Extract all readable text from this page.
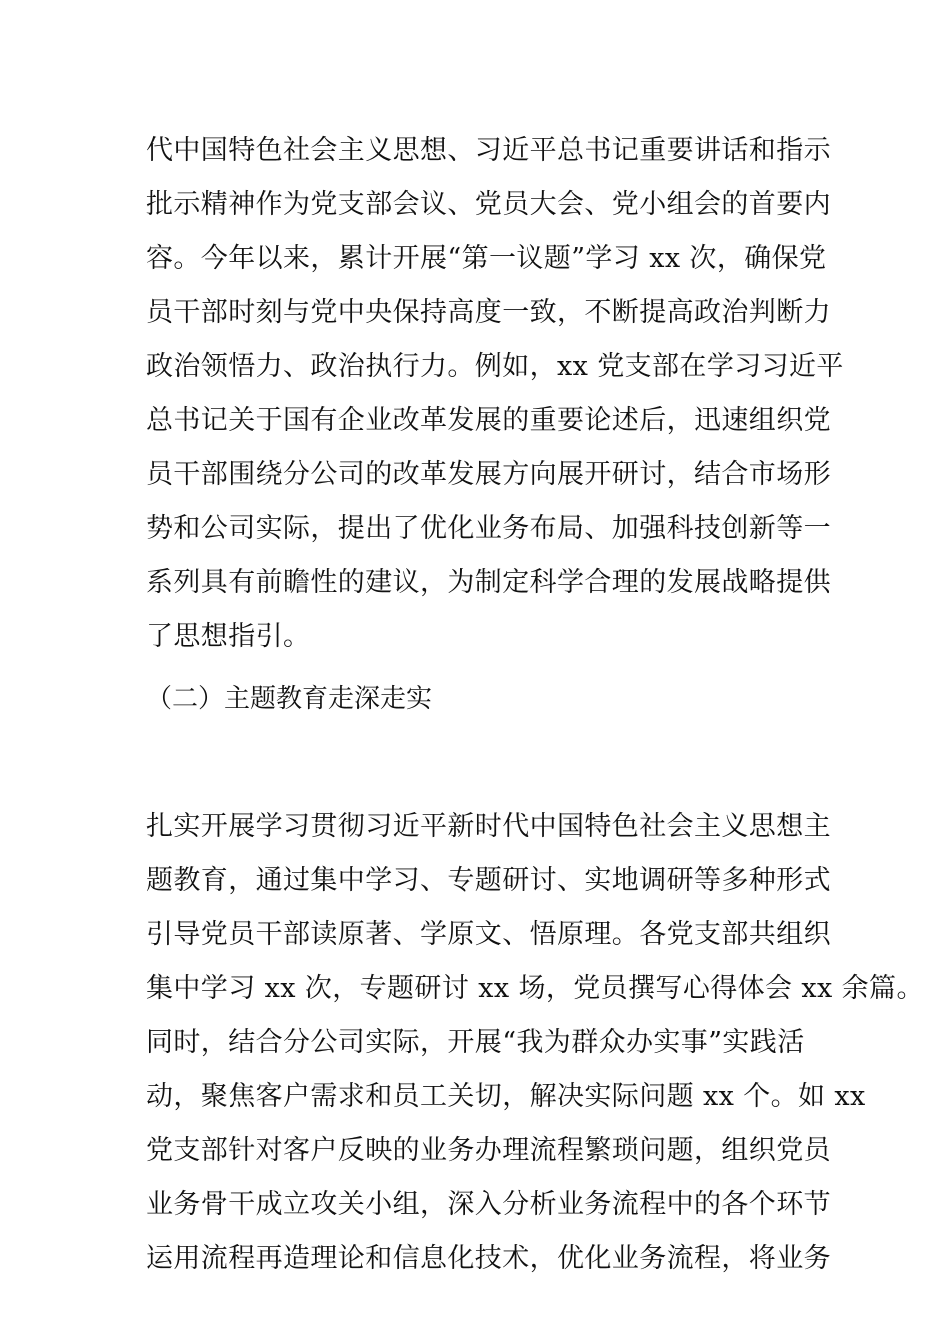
代中国特色社会主义思想、习近平总书记重要讲话和指示
批示精神作为党支部会议、党员大会、党小组会的首要内
容。今年以来，累计开展“第一议题”学习 xx 次，确保党
员干部时刻与党中央保持高度一致，不断提高政治判断力
政治领悟力、政治执行力。例如，xx 党支部在学习习近平
总书记关于国有企业改革发展的重要论述后，迅速组织党
员干部围绕分公司的改革发展方向展开研讨，结合市场形
势和公司实际，提出了优化业务布局、加强科技创新等一
系列具有前瞻性的建议，为制定科学合理的发展战略提供
了思想指引。
（二）主题教育走深走实
扎实开展学习贯彻习近平新时代中国特色社会主义思想主
题教育，通过集中学习、专题研讨、实地调研等多种形式
引导党员干部读原著、学原文、悟原理。各党支部共组织
集中学习 xx 次，专题研讨 xx 场，党员撰写心得体会 xx 余篇。
同时，结合分公司实际，开展“我为群众办实事”实践活
动，聚焦客户需求和员工关切，解决实际问题 xx 个。如 xx
党支部针对客户反映的业务办理流程繁琐问题，组织党员
业务骨干成立攻关小组，深入分析业务流程中的各个环节
运用流程再造理论和信息化技术，优化业务流程，将业务
